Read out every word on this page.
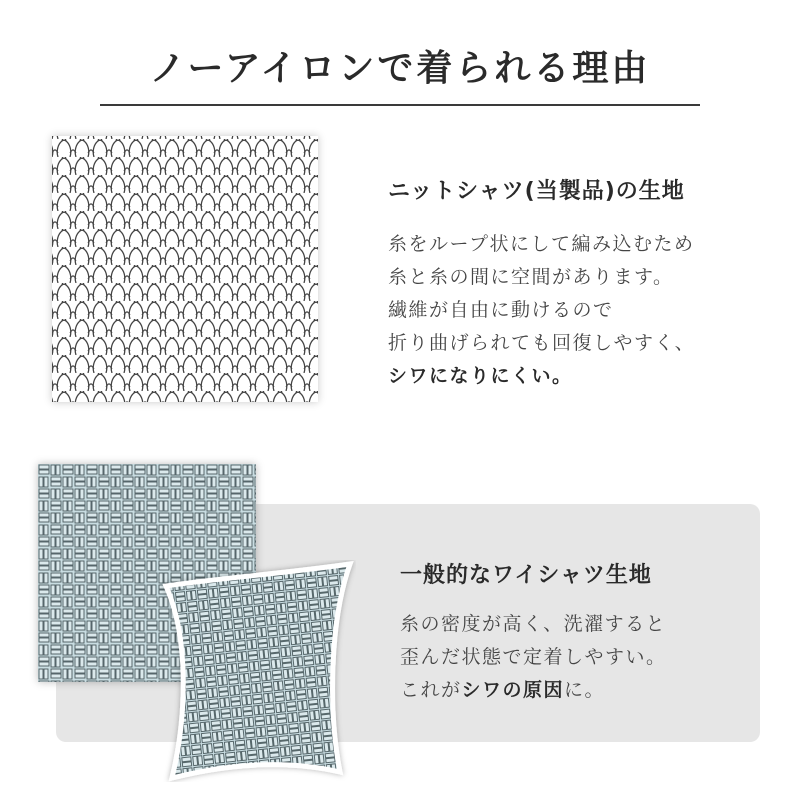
ノーアイロンで着られる理由
ニットシャツ(当製品)の生地
糸をループ状にして編み込むため
糸と糸の間に空間があります。
繊維が自由に動けるので
折り曲げられても回復しやすく、
シワになりにくい。
一般的なワイシャツ生地
糸の密度が高く、洗濯すると
歪んだ状態で定着しやすい。
これがシワの原因に。
